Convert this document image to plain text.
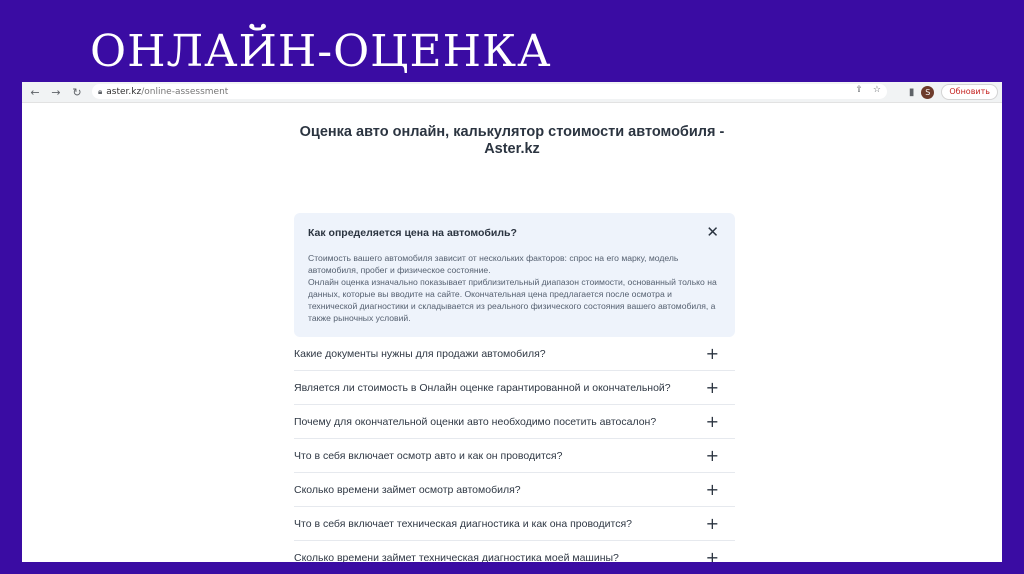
ОНЛАЙН-ОЦЕНКА
←	→	↻	🔒︎ aster.kz/online-assessment	⇪ ☆	▮	S	Обновить
Оценка авто онлайн, калькулятор стоимости автомобиля - Aster.kz
Как определяется цена на автомобиль?	✕

Стоимость вашего автомобиля зависит от нескольких факторов: спрос на его марку, модель автомобиля, пробег и физическое состояние.

Онлайн оценка изначально показывает приблизительный диапазон стоимости, основанный только на данных, которые вы вводите на сайте. Окончательная цена предлагается после осмотра и технической диагностики и складывается из реального физического состояния вашего автомобиля, а также рыночных условий.

Какие документы нужны для продажи автомобиля?	+
Является ли стоимость в Онлайн оценке гарантированной и окончательной? +
Почему для окончательной оценки авто необходимо посетить автосалон?	+
Что в себя включает осмотр авто и как он проводится?	+
Сколько времени займет осмотр автомобиля?	+
Что в себя включает техническая диагностика и как она проводится?	+
Сколько времени займет техническая диагностика моей машины?	+
